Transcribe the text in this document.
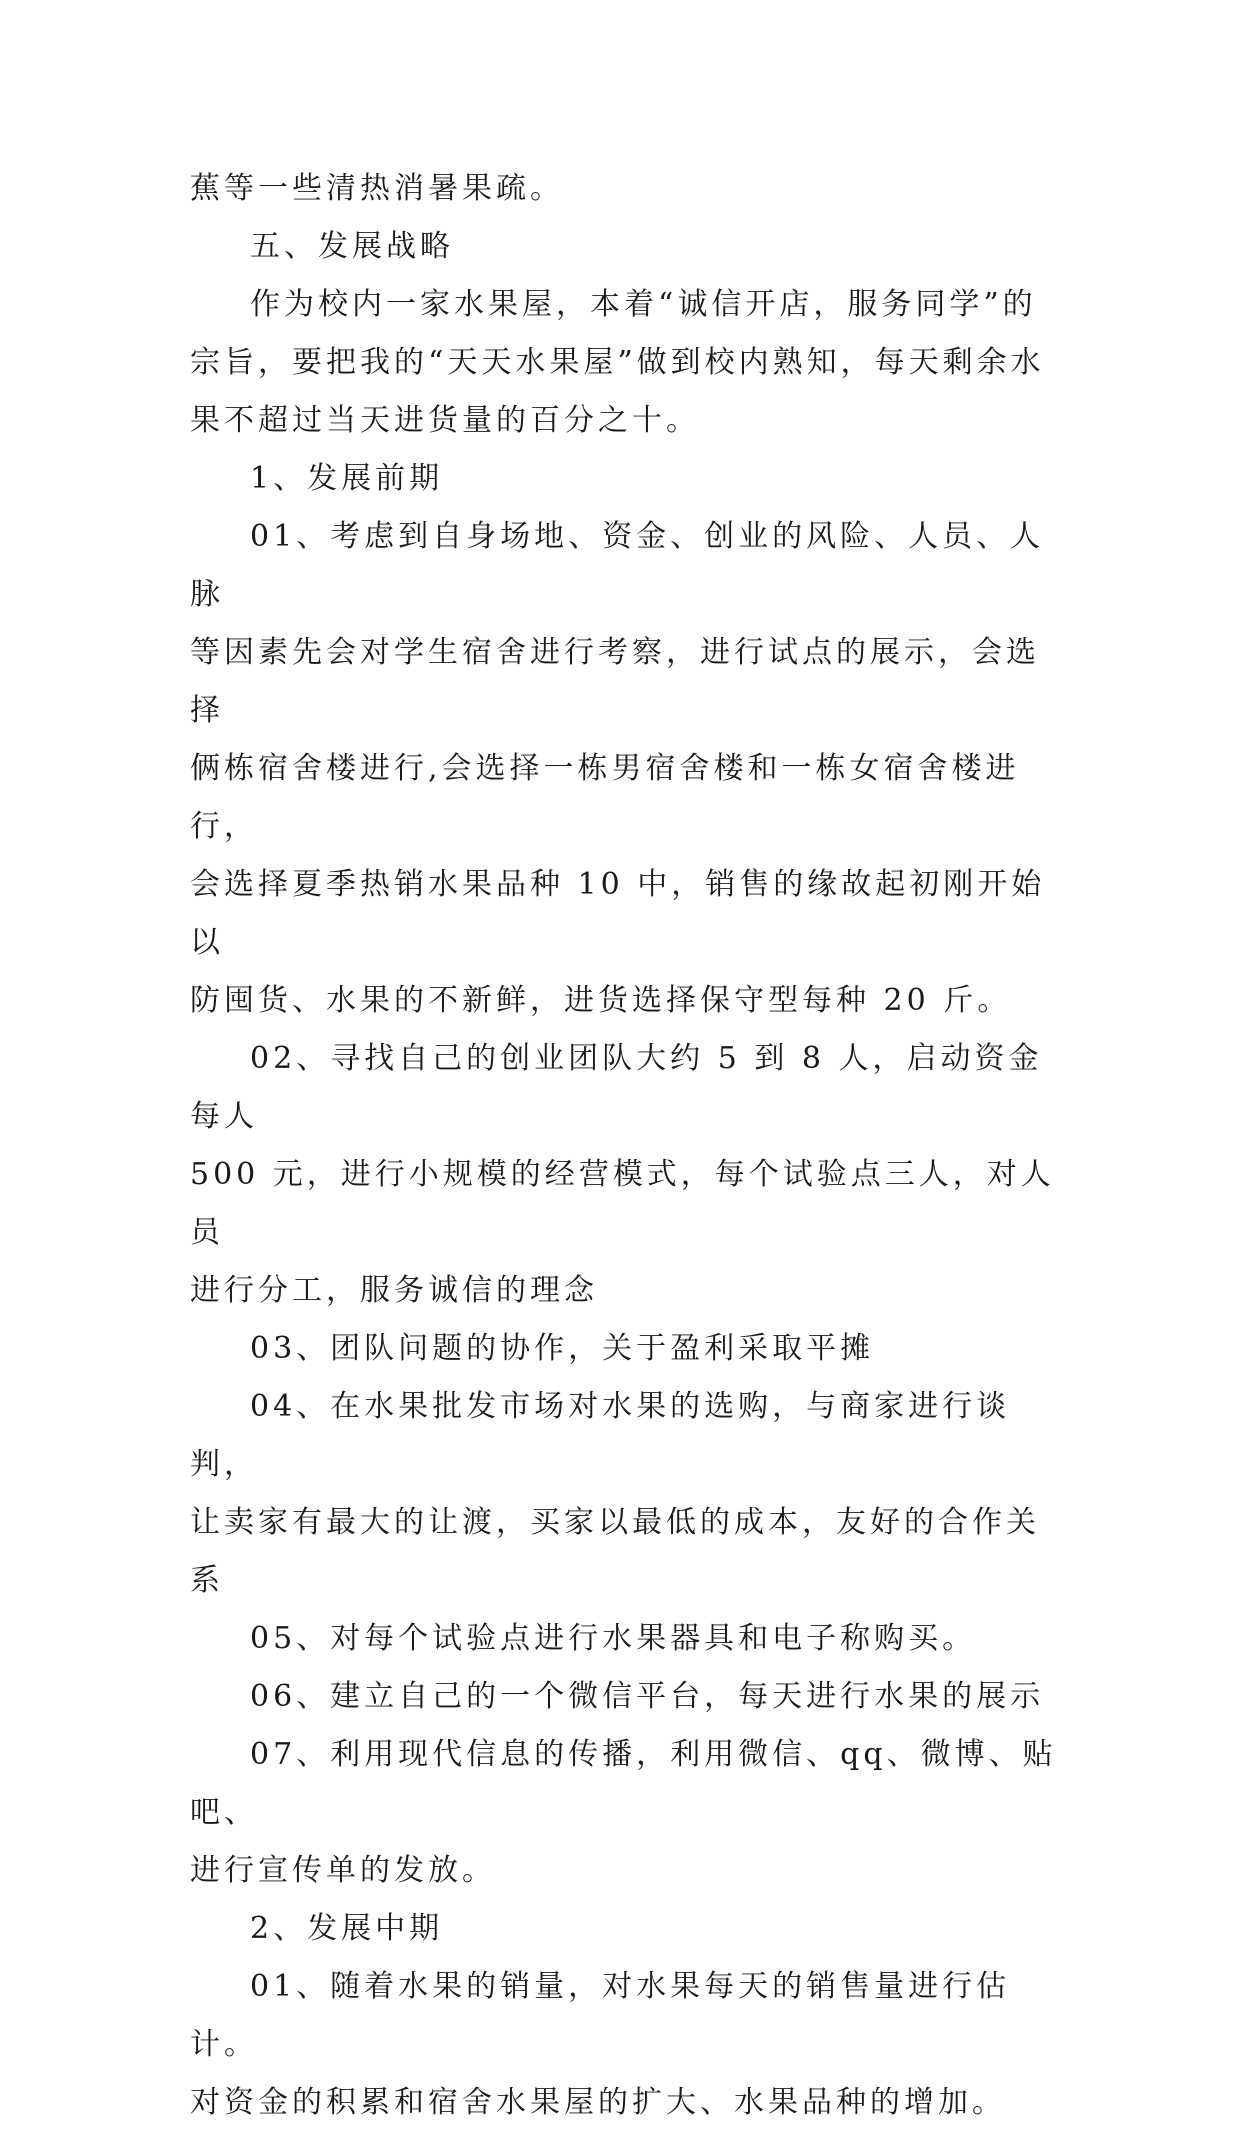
蕉等一些清热消暑果疏。

五、发展战略

作为校内一家水果屋，本着“诚信开店，服务同学”的

宗旨，要把我的“天天水果屋”做到校内熟知，每天剩余水

果不超过当天进货量的百分之十。

1、发展前期

01、考虑到自身场地、资金、创业的风险、人员、人脉

等因素先会对学生宿舍进行考察，进行试点的展示，会选择

俩栋宿舍楼进行,会选择一栋男宿舍楼和一栋女宿舍楼进行，

会选择夏季热销水果品种 10 中，销售的缘故起初刚开始以

防囤货、水果的不新鲜，进货选择保守型每种 20 斤。

02、寻找自己的创业团队大约 5 到 8 人，启动资金每人

500 元，进行小规模的经营模式，每个试验点三人，对人员

进行分工，服务诚信的理念

03、团队问题的协作，关于盈利采取平摊

04、在水果批发市场对水果的选购，与商家进行谈判，

让卖家有最大的让渡，买家以最低的成本，友好的合作关系

05、对每个试验点进行水果器具和电子称购买。

06、建立自己的一个微信平台，每天进行水果的展示

07、利用现代信息的传播，利用微信、qq、微博、贴吧、

进行宣传单的发放。

2、发展中期

01、随着水果的销量，对水果每天的销售量进行估计。

对资金的积累和宿舍水果屋的扩大、水果品种的增加。
